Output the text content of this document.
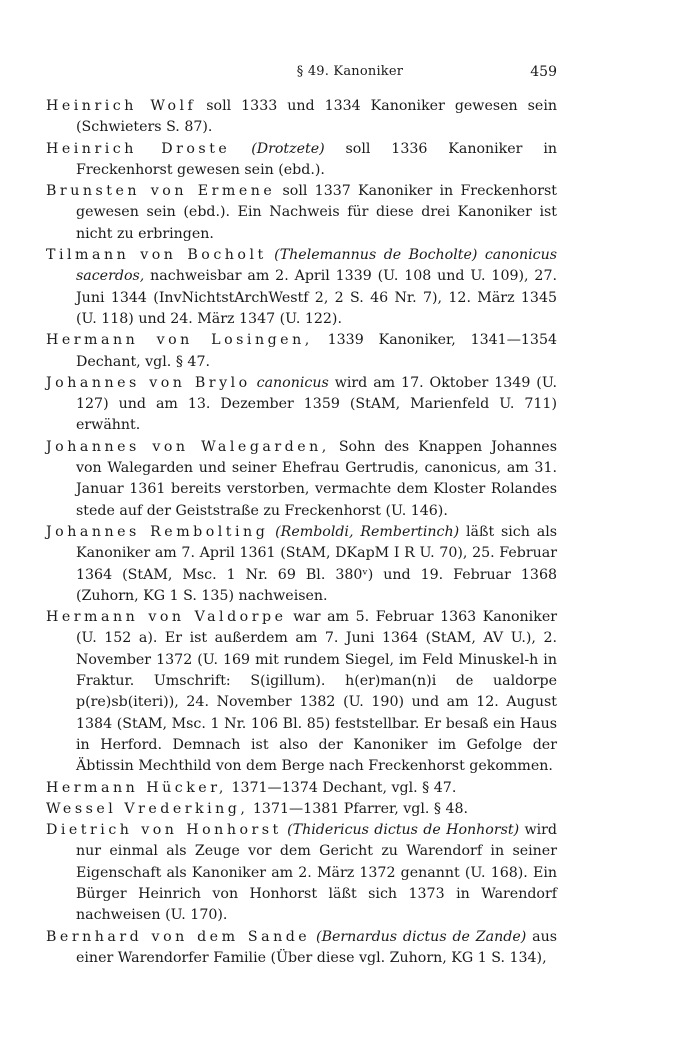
§ 49. Kanoniker	459

Heinrich Wolf soll 1333 und 1334 Kanoniker gewesen sein (Schwieters S. 87).

Heinrich Droste (Drotzete) soll 1336 Kanoniker in Freckenhorst gewesen sein (ebd.).

Brunsten von Ermene soll 1337 Kanoniker in Freckenhorst gewesen sein (ebd.). Ein Nachweis für diese drei Kanoniker ist nicht zu erbringen.

Tilmann von Bocholt (Thelemannus de Bocholte) canonicus sacerdos, nachweisbar am 2. April 1339 (U. 108 und U. 109), 27. Juni 1344 (InvNichtstArchWestf 2, 2 S. 46 Nr. 7), 12. März 1345 (U. 118) und 24. März 1347 (U. 122).

Hermann von Losingen, 1339 Kanoniker, 1341—1354 Dechant, vgl. § 47.

Johannes von Brylo canonicus wird am 17. Oktober 1349 (U. 127) und am 13. Dezember 1359 (StAM, Marienfeld U. 711) erwähnt.

Johannes von Walegarden, Sohn des Knappen Johannes von Walegarden und seiner Ehefrau Gertrudis, canonicus, am 31. Januar 1361 bereits verstorben, vermachte dem Kloster Rolandes stede auf der Geiststraße zu Freckenhorst (U. 146).

Johannes Rembolting (Remboldi, Rembertinch) läßt sich als Kanoniker am 7. April 1361 (StAM, DKapM I R U. 70), 25. Februar 1364 (StAM, Msc. 1 Nr. 69 Bl. 380ᵛ) und 19. Februar 1368 (Zuhorn, KG 1 S. 135) nachweisen.

Hermann von Valdorpe war am 5. Februar 1363 Kanoniker (U. 152 a). Er ist außerdem am 7. Juni 1364 (StAM, AV U.), 2. November 1372 (U. 169 mit rundem Siegel, im Feld Minuskel-h in Fraktur. Umschrift: S(igillum). h(er)man(n)i de ualdorpe p(re)sb(iteri)), 24. November 1382 (U. 190) und am 12. August 1384 (StAM, Msc. 1 Nr. 106 Bl. 85) feststellbar. Er besaß ein Haus in Herford. Demnach ist also der Kanoniker im Gefolge der Äbtissin Mechthild von dem Berge nach Freckenhorst gekommen.

Hermann Hücker, 1371—1374 Dechant, vgl. § 47.

Wessel Vrederking, 1371—1381 Pfarrer, vgl. § 48.

Dietrich von Honhorst (Thidericus dictus de Honhorst) wird nur einmal als Zeuge vor dem Gericht zu Warendorf in seiner Eigenschaft als Kanoniker am 2. März 1372 genannt (U. 168). Ein Bürger Heinrich von Honhorst läßt sich 1373 in Warendorf nachweisen (U. 170).

Bernhard von dem Sande (Bernardus dictus de Zande) aus einer Warendorfer Familie (Über diese vgl. Zuhorn, KG 1 S. 134),
